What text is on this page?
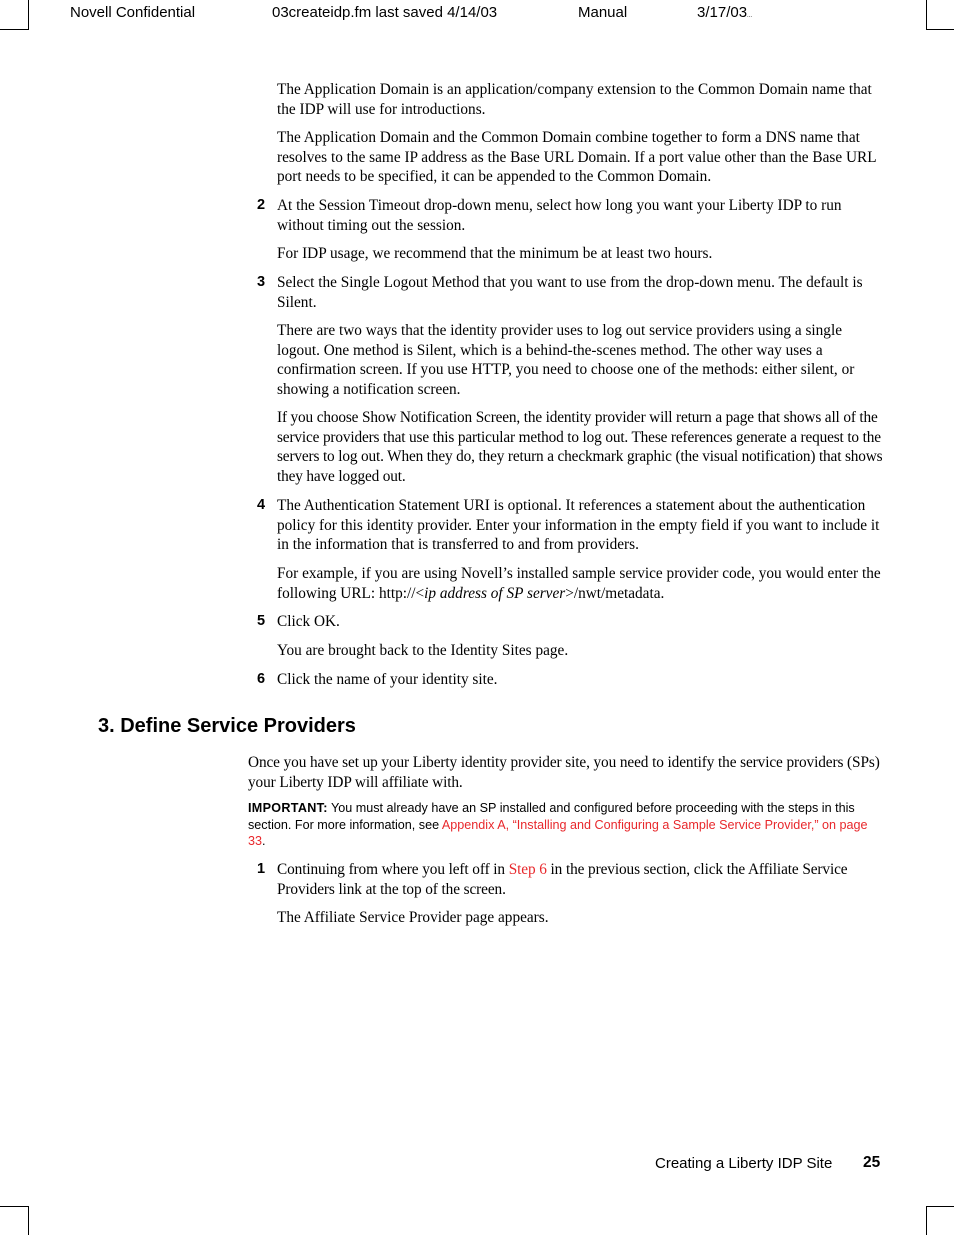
Novell Confidential	03createidp.fm last saved 4/14/03	Manual	3/17/03...
The Application Domain is an application/company extension to the Common Domain name that the IDP will use for introductions.
The Application Domain and the Common Domain combine together to form a DNS name that resolves to the same IP address as the Base URL Domain. If a port value other than the Base URL port needs to be specified, it can be appended to the Common Domain.
2 At the Session Timeout drop-down menu, select how long you want your Liberty IDP to run without timing out the session.
For IDP usage, we recommend that the minimum be at least two hours.
3 Select the Single Logout Method that you want to use from the drop-down menu. The default is Silent.
There are two ways that the identity provider uses to log out service providers using a single logout. One method is Silent, which is a behind-the-scenes method. The other way uses a confirmation screen. If you use HTTP, you need to choose one of the methods: either silent, or showing a notification screen.
If you choose Show Notification Screen, the identity provider will return a page that shows all of the service providers that use this particular method to log out. These references generate a request to the servers to log out. When they do, they return a checkmark graphic (the visual notification) that shows they have logged out.
4 The Authentication Statement URI is optional. It references a statement about the authentication policy for this identity provider. Enter your information in the empty field if you want to include it in the information that is transferred to and from providers.
For example, if you are using Novell’s installed sample service provider code, you would enter the following URL: http://<ip address of SP server>/nwt/metadata.
5 Click OK.
You are brought back to the Identity Sites page.
6 Click the name of your identity site.
3. Define Service Providers
Once you have set up your Liberty identity provider site, you need to identify the service providers (SPs) your Liberty IDP will affiliate with.
IMPORTANT: You must already have an SP installed and configured before proceeding with the steps in this section. For more information, see Appendix A, “Installing and Configuring a Sample Service Provider,” on page 33.
1 Continuing from where you left off in Step 6 in the previous section, click the Affiliate Service Providers link at the top of the screen.
The Affiliate Service Provider page appears.
Creating a Liberty IDP Site 25
